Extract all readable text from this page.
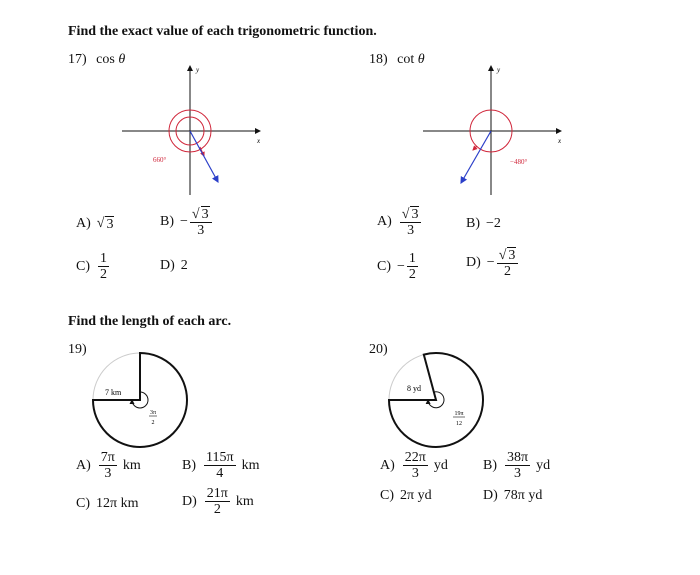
Find the exact value of each trigonometric function.
17) cos θ
x
y
660°
A) √ 3	$B) - \frac{√ 3}{3}$
$C) \frac{1}{2}$	D) 2
18) cot θ
x
y
−480°
$A) \frac{√ 3}{3}$	B) −2
$C) - \frac{1}{2}$	$D) - \frac{√ 3}{2}$
Find the length of each arc.
19)
7 km
3π
2
$A) \frac{7\pi}{3}$ km	$B) \frac{115\pi}{4}$ km
C) 12π km	$D) \frac{21\pi}{2}$ km
20)
8 yd
19π
12
$A) \frac{22\pi}{3}$ yd	$B) \frac{38\pi}{3}$ yd
C) 2π yd	D) 78π yd
